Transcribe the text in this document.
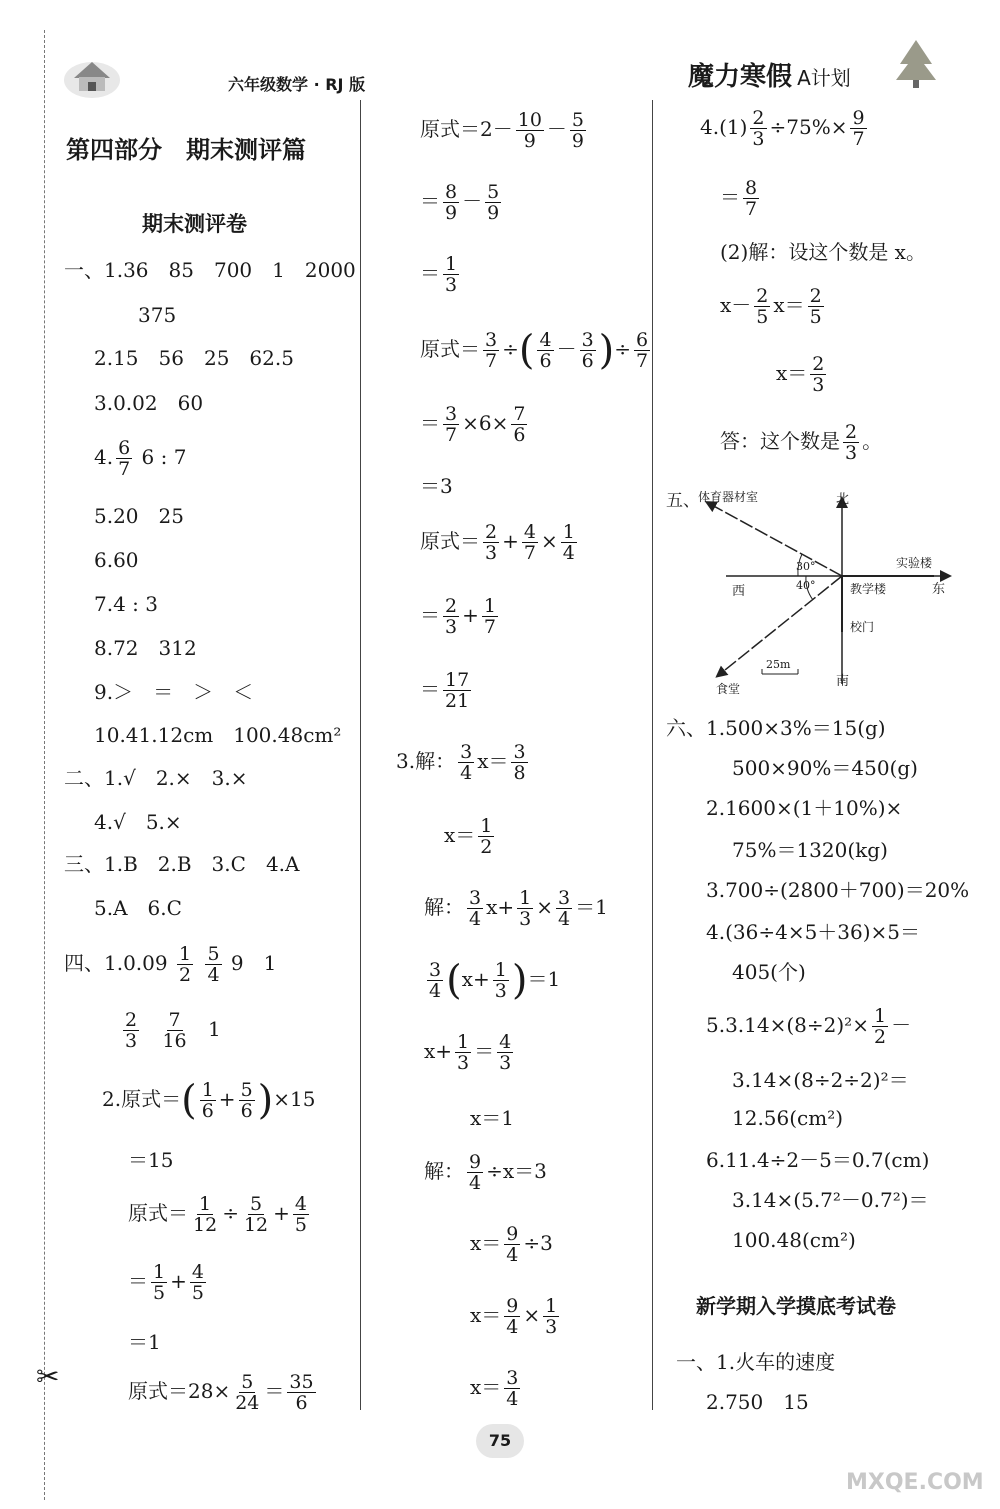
六年级数学 · RJ 版	魔力寒假 A计划
✂
第四部分　期末测评篇
期末测评卷
一、1.36　85　700　1　2000
375
2.15　56　25　62.5
3.0.02　60
4. $\frac{6}{7} 6$ : 7
5.20　25
6.60
7.4 : 3
8.72　312
9.＞　＝　＞　＜
10.41.12cm　100.48cm²
二、1.√　2.×　3.×
4.√　5.×
三、1.B　2.B　3.C　4.A
5.A　6.C
四、$1.0.09 \frac{1}{2}$
$\frac{5}{4} 9$　1
$\frac{2}{3}$
$\frac{7}{16} 1$
2.原式＝( $\frac{1}{6} + \frac{5}{6} )\times 15$
＝15
原式＝ $\frac{1}{12} \div \frac{5}{12} + \frac{4}{5}$
＝ $\frac{1}{5} + \frac{4}{5}$
＝1
原式$=28\times \frac{5}{24} = \frac{35}{6}$
原式$=2- \frac{10}{9} - \frac{5}{9}$
＝ $\frac{8}{9} - \frac{5}{9}$
＝ $\frac{1}{3}$
原式＝ $\frac{3}{7}$ ÷( $\frac{4}{6} - \frac{3}{6}$ )÷ $\frac{6}{7}$
＝ $\frac{3}{7} \times 6\times \frac{7}{6}$
＝3
原式＝ $\frac{2}{3} + \frac{4}{7} \times \frac{1}{4}$
＝ $\frac{2}{3} + \frac{1}{7}$
＝ $\frac{17}{21}$
3.解： $\frac{3}{4} x= \frac{3}{8}$
$x= \frac{1}{2}$
解： $\frac{3}{4} x+ \frac{1}{3} \times \frac{3}{4} =1$
$\frac{3}{4} (x+ \frac{1}{3} )=1$
$x+ \frac{1}{3} = \frac{4}{3}$
x＝1
解： $\frac{9}{4} \div x=3$
$x= \frac{9}{4} \div 3$
$x= \frac{9}{4} \times \frac{1}{3}$
$x= \frac{3}{4}$
$4.(1) \frac{2}{3} \div 75\%\times \frac{9}{7}$
＝ $\frac{8}{7}$
(2)解：设这个数是 x。
$x- \frac{2}{5} x= \frac{2}{5}$
$x= \frac{2}{3}$
答：这个数是 $\frac{2}{3}$ 。
五、
体育器材室	北
南
东
西
实验楼
教学楼
校门
食堂
30°
40°
25m
六、1.500×3%＝15(g)
500×90%＝450(g)
2.1600×(1＋10%)×
75%＝1320(kg)
3.700÷(2800＋700)＝20%
4.(36÷4×5＋36)×5＝
405(个)
$5.3.14\times(8\div 2)^2\times \frac{1}{2}$ －
3.14×(8÷2÷2)²＝
12.56(cm²)
6.11.4÷2－5＝0.7(cm)
3.14×(5.7²－0.7²)＝
100.48(cm²)
新学期入学摸底考试卷
一、1.火车的速度
2.750　15
75
MXQE.COM
